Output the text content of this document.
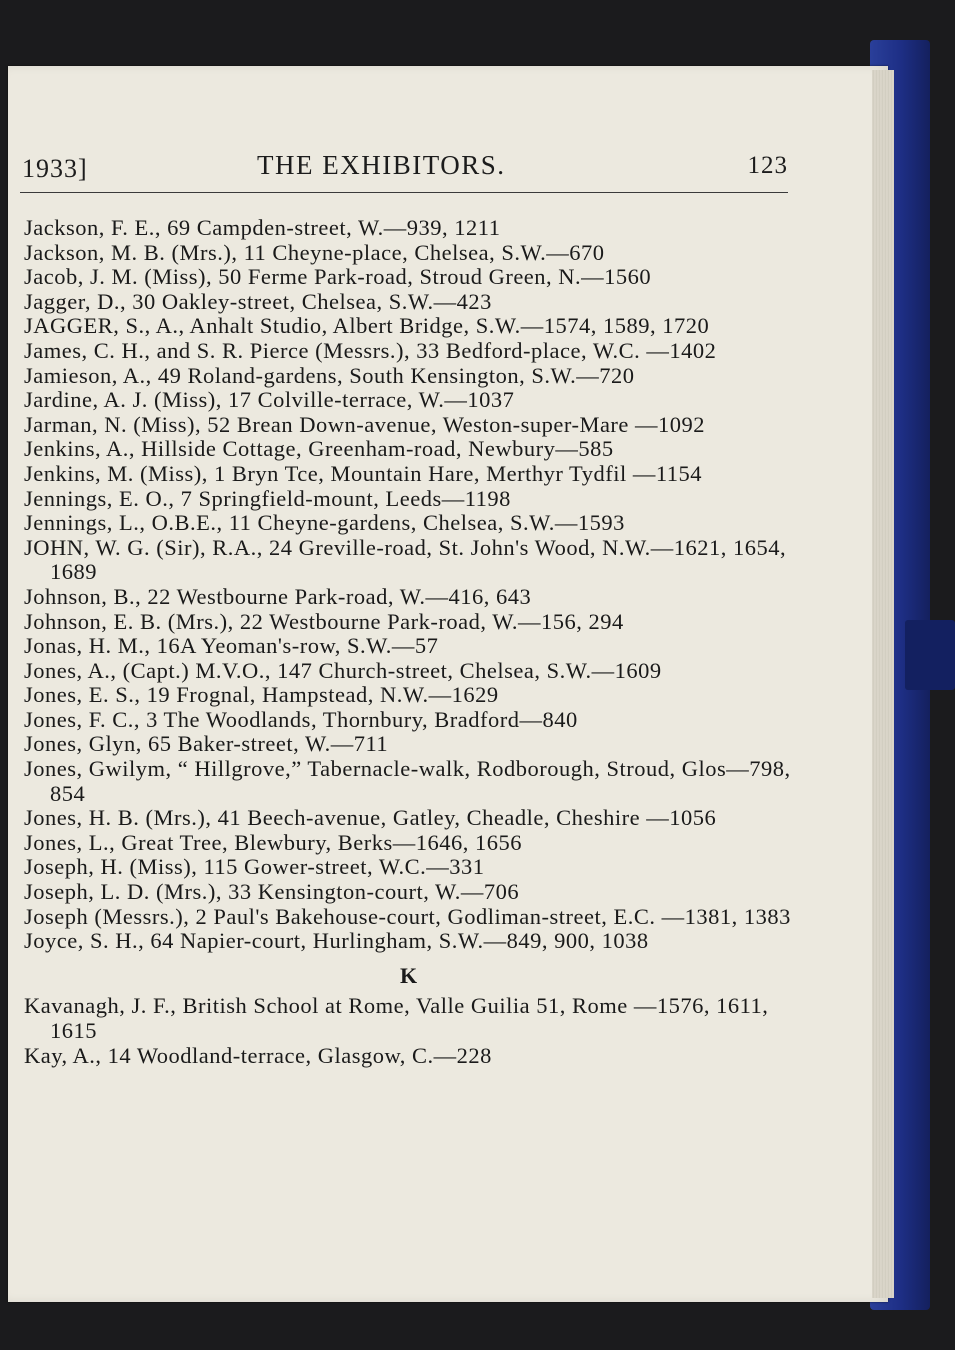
1933]	THE EXHIBITORS.	123

Jackson, F. E., 69 Campden-street, W.—939, 1211

Jackson, M. B. (Mrs.), 11 Cheyne-place, Chelsea, S.W.—670

Jacob, J. M. (Miss), 50 Ferme Park-road, Stroud Green, N.—1560

Jagger, D., 30 Oakley-street, Chelsea, S.W.—423

JAGGER, S., A., Anhalt Studio, Albert Bridge, S.W.—1574, 1589, 1720

James, C. H., and S. R. Pierce (Messrs.), 33 Bedford-place, W.C. —1402

Jamieson, A., 49 Roland-gardens, South Kensington, S.W.—720

Jardine, A. J. (Miss), 17 Colville-terrace, W.—1037

Jarman, N. (Miss), 52 Brean Down-avenue, Weston-super-Mare —1092

Jenkins, A., Hillside Cottage, Greenham-road, Newbury—585

Jenkins, M. (Miss), 1 Bryn Tce, Mountain Hare, Merthyr Tydfil —1154

Jennings, E. O., 7 Springfield-mount, Leeds—1198

Jennings, L., O.B.E., 11 Cheyne-gardens, Chelsea, S.W.—1593

JOHN, W. G. (Sir), R.A., 24 Greville-road, St. John's Wood, N.W.—1621, 1654, 1689

Johnson, B., 22 Westbourne Park-road, W.—416, 643

Johnson, E. B. (Mrs.), 22 Westbourne Park-road, W.—156, 294

Jonas, H. M., 16A Yeoman's-row, S.W.—57

Jones, A., (Capt.) M.V.O., 147 Church-street, Chelsea, S.W.—1609

Jones, E. S., 19 Frognal, Hampstead, N.W.—1629

Jones, F. C., 3 The Woodlands, Thornbury, Bradford—840

Jones, Glyn, 65 Baker-street, W.—711

Jones, Gwilym, “ Hillgrove,” Tabernacle-walk, Rodborough, Stroud, Glos—798, 854

Jones, H. B. (Mrs.), 41 Beech-avenue, Gatley, Cheadle, Cheshire —1056

Jones, L., Great Tree, Blewbury, Berks—1646, 1656

Joseph, H. (Miss), 115 Gower-street, W.C.—331

Joseph, L. D. (Mrs.), 33 Kensington-court, W.—706

Joseph (Messrs.), 2 Paul's Bakehouse-court, Godliman-street, E.C. —1381, 1383

Joyce, S. H., 64 Napier-court, Hurlingham, S.W.—849, 900, 1038

K

Kavanagh, J. F., British School at Rome, Valle Guilia 51, Rome —1576, 1611, 1615

Kay, A., 14 Woodland-terrace, Glasgow, C.—228
